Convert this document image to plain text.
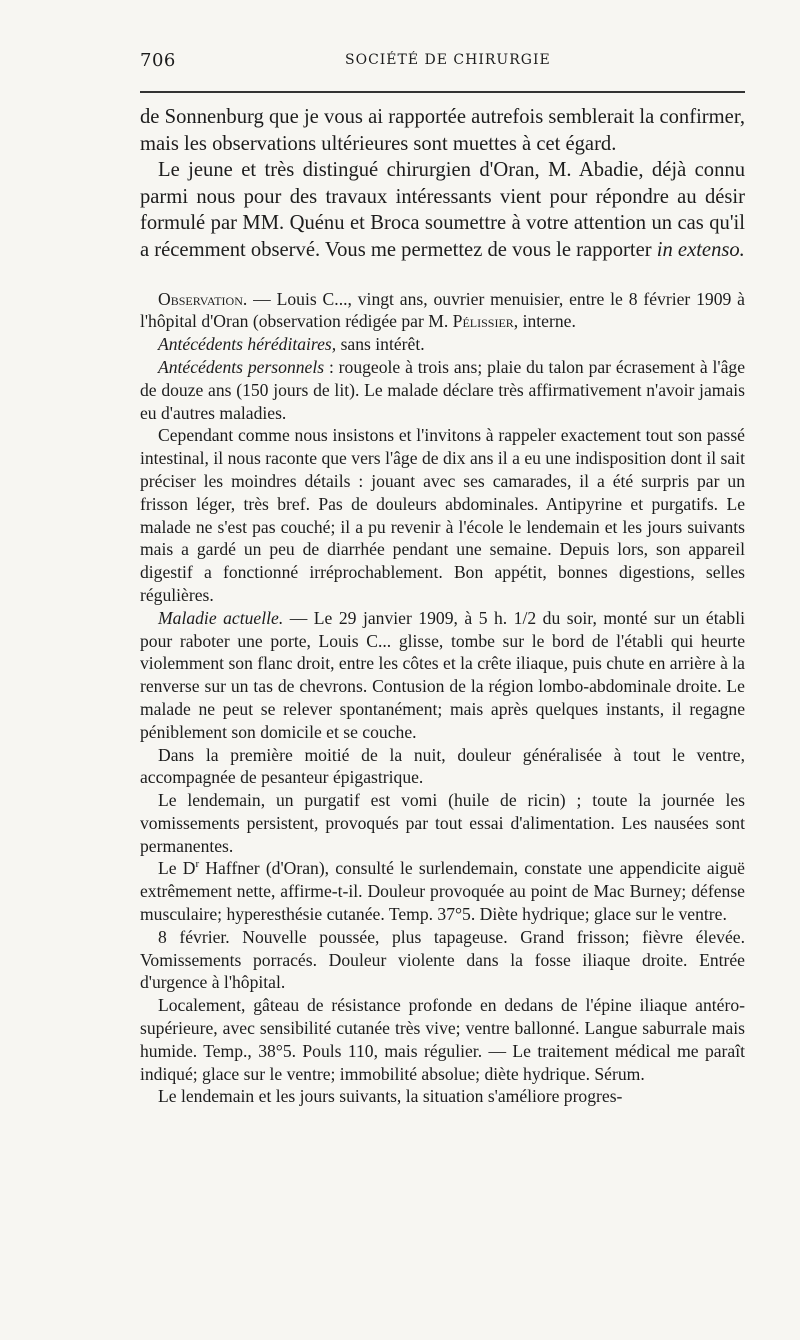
706	SOCIÉTÉ DE CHIRURGIE

de Sonnenburg que je vous ai rapportée autrefois semblerait la confirmer, mais les observations ultérieures sont muettes à cet égard.

Le jeune et très distingué chirurgien d'Oran, M. Abadie, déjà connu parmi nous pour des travaux intéressants vient pour répondre au désir formulé par MM. Quénu et Broca soumettre à votre attention un cas qu'il a récemment observé. Vous me permettez de vous le rapporter in extenso.

Observation. — Louis C..., vingt ans, ouvrier menuisier, entre le 8 février 1909 à l'hôpital d'Oran (observation rédigée par M. Pélissier, interne.

Antécédents héréditaires, sans intérêt.

Antécédents personnels : rougeole à trois ans; plaie du talon par écrasement à l'âge de douze ans (150 jours de lit). Le malade déclare très affirmativement n'avoir jamais eu d'autres maladies.

Cependant comme nous insistons et l'invitons à rappeler exactement tout son passé intestinal, il nous raconte que vers l'âge de dix ans il a eu une indisposition dont il sait préciser les moindres détails : jouant avec ses camarades, il a été surpris par un frisson léger, très bref. Pas de douleurs abdominales. Antipyrine et purgatifs. Le malade ne s'est pas couché; il a pu revenir à l'école le lendemain et les jours suivants mais a gardé un peu de diarrhée pendant une semaine. Depuis lors, son appareil digestif a fonctionné irréprochablement. Bon appétit, bonnes digestions, selles régulières.

Maladie actuelle. — Le 29 janvier 1909, à 5 h. 1/2 du soir, monté sur un établi pour raboter une porte, Louis C... glisse, tombe sur le bord de l'établi qui heurte violemment son flanc droit, entre les côtes et la crête iliaque, puis chute en arrière à la renverse sur un tas de chevrons. Contusion de la région lombo-abdominale droite. Le malade ne peut se relever spontanément; mais après quelques instants, il regagne péniblement son domicile et se couche.

Dans la première moitié de la nuit, douleur généralisée à tout le ventre, accompagnée de pesanteur épigastrique.

Le lendemain, un purgatif est vomi (huile de ricin) ; toute la journée les vomissements persistent, provoqués par tout essai d'alimentation. Les nausées sont permanentes.

Le $D^r$ Haffner (d'Oran), consulté le surlendemain, constate une appendicite aiguë extrêmement nette, affirme-t-il. Douleur provoquée au point de Mac Burney; défense musculaire; hyperesthésie cutanée. Temp. 37°5. Diète hydrique; glace sur le ventre.

8 février. Nouvelle poussée, plus tapageuse. Grand frisson; fièvre élevée. Vomissements porracés. Douleur violente dans la fosse iliaque droite. Entrée d'urgence à l'hôpital.

Localement, gâteau de résistance profonde en dedans de l'épine iliaque antéro-supérieure, avec sensibilité cutanée très vive; ventre ballonné. Langue saburrale mais humide. Temp., 38°5. Pouls 110, mais régulier. — Le traitement médical me paraît indiqué; glace sur le ventre; immobilité absolue; diète hydrique. Sérum.

Le lendemain et les jours suivants, la situation s'améliore progres-
